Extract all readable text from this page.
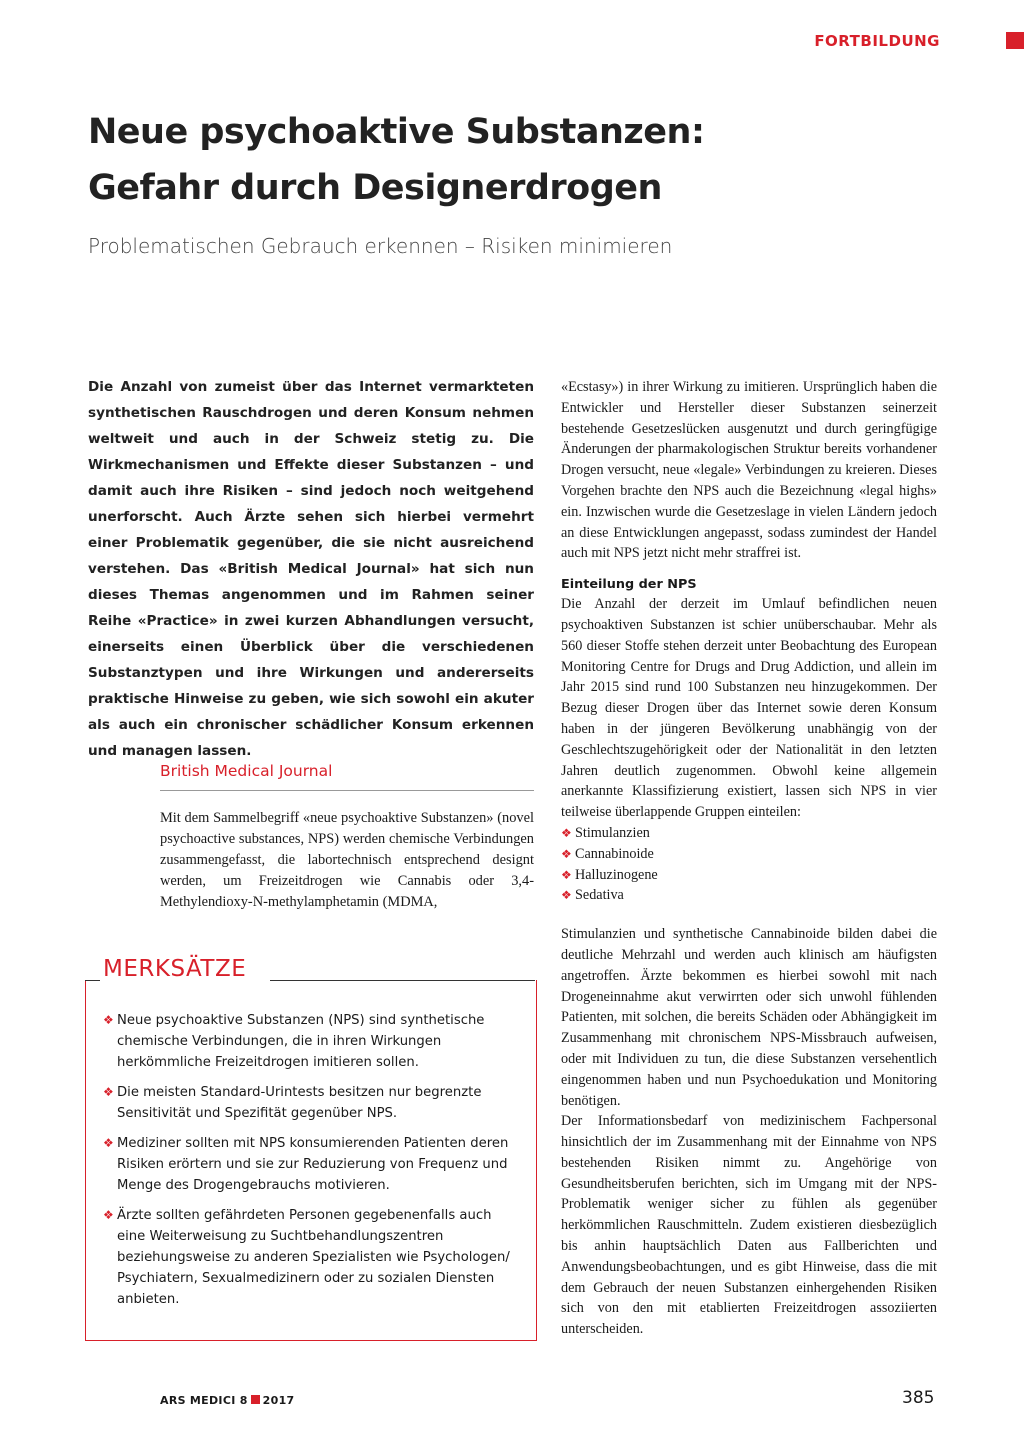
FORTBILDUNG
Neue psychoaktive Substanzen:
Gefahr durch Designerdrogen
Problematischen Gebrauch erkennen – Risiken minimieren
Die Anzahl von zumeist über das Internet vermarkteten synthetischen Rauschdrogen und deren Konsum nehmen weltweit und auch in der Schweiz stetig zu. Die Wirkmechanismen und Effekte dieser Substanzen – und damit auch ihre Risiken – sind jedoch noch weitgehend unerforscht. Auch Ärzte sehen sich hierbei vermehrt einer Problematik gegenüber, die sie nicht ausreichend verstehen. Das «British Medical Journal» hat sich nun dieses Themas angenommen und im Rahmen seiner Reihe «Practice» in zwei kurzen Abhandlungen versucht, einerseits einen Überblick über die verschiedenen Substanztypen und ihre Wirkungen und andererseits praktische Hinweise zu geben, wie sich sowohl ein akuter als auch ein chronischer schädlicher Konsum erkennen und managen lassen.
British Medical Journal
Mit dem Sammelbegriff «neue psychoaktive Substanzen» (novel psychoactive substances, NPS) werden chemische Verbindungen zusammengefasst, die labortechnisch entsprechend designt werden, um Freizeitdrogen wie Cannabis oder 3,4-Methylendioxy-N-methylamphetamin (MDMA,
MERKSÄTZE
❖ Neue psychoaktive Substanzen (NPS) sind synthetische chemische Verbindungen, die in ihren Wirkungen herkömmliche Freizeitdrogen imitieren sollen.
❖ Die meisten Standard-Urintests besitzen nur begrenzte Sensitivität und Spezifität gegenüber NPS.
❖ Mediziner sollten mit NPS konsumierenden Patienten deren Risiken erörtern und sie zur Reduzierung von Frequenz und Menge des Drogengebrauchs motivieren.
❖ Ärzte sollten gefährdeten Personen gegebenenfalls auch eine Weiterweisung zu Suchtbehandlungszentren beziehungsweise zu anderen Spezialisten wie Psychologen/ Psychiatern, Sexualmedizinern oder zu sozialen Diensten anbieten.

«Ecstasy») in ihrer Wirkung zu imitieren. Ursprünglich haben die Entwickler und Hersteller dieser Substanzen seinerzeit bestehende Gesetzeslücken ausgenutzt und durch geringfügige Änderungen der pharmakologischen Struktur bereits vorhandener Drogen versucht, neue «legale» Verbindungen zu kreieren. Dieses Vorgehen brachte den NPS auch die Bezeichnung «legal highs» ein. Inzwischen wurde die Gesetzeslage in vielen Ländern jedoch an diese Entwicklungen angepasst, sodass zumindest der Handel auch mit NPS jetzt nicht mehr straffrei ist.

Einteilung der NPS

Die Anzahl der derzeit im Umlauf befindlichen neuen psychoaktiven Substanzen ist schier unüberschaubar. Mehr als 560 dieser Stoffe stehen derzeit unter Beobachtung des European Monitoring Centre for Drugs and Drug Addiction, und allein im Jahr 2015 sind rund 100 Substanzen neu hinzugekommen. Der Bezug dieser Drogen über das Internet sowie deren Konsum haben in der jüngeren Bevölkerung unabhängig von der Geschlechtszugehörigkeit oder der Nationalität in den letzten Jahren deutlich zugenommen. Obwohl keine allgemein anerkannte Klassifizierung existiert, lassen sich NPS in vier teilweise überlappende Gruppen einteilen:

❖ Stimulanzien
❖ Cannabinoide
❖ Halluzinogene
❖ Sedativa

Stimulanzien und synthetische Cannabinoide bilden dabei die deutliche Mehrzahl und werden auch klinisch am häufigsten angetroffen. Ärzte bekommen es hierbei sowohl mit nach Drogeneinnahme akut verwirrten oder sich unwohl fühlenden Patienten, mit solchen, die bereits Schäden oder Abhängigkeit im Zusammenhang mit chronischem NPS-Missbrauch aufweisen, oder mit Individuen zu tun, die diese Substanzen versehentlich eingenommen haben und nun Psychoedukation und Monitoring benötigen.

Der Informationsbedarf von medizinischem Fachpersonal hinsichtlich der im Zusammenhang mit der Einnahme von NPS bestehenden Risiken nimmt zu. Angehörige von Gesundheitsberufen berichten, sich im Umgang mit der NPS-Problematik weniger sicher zu fühlen als gegenüber herkömmlichen Rauschmitteln. Zudem existieren diesbezüglich bis anhin hauptsächlich Daten aus Fallberichten und Anwendungsbeobachtungen, und es gibt Hinweise, dass die mit dem Gebrauch der neuen Substanzen einhergehenden Risiken sich von den mit etablierten Freizeitdrogen assoziierten unterscheiden.

ARS MEDICI 8 2017	385
